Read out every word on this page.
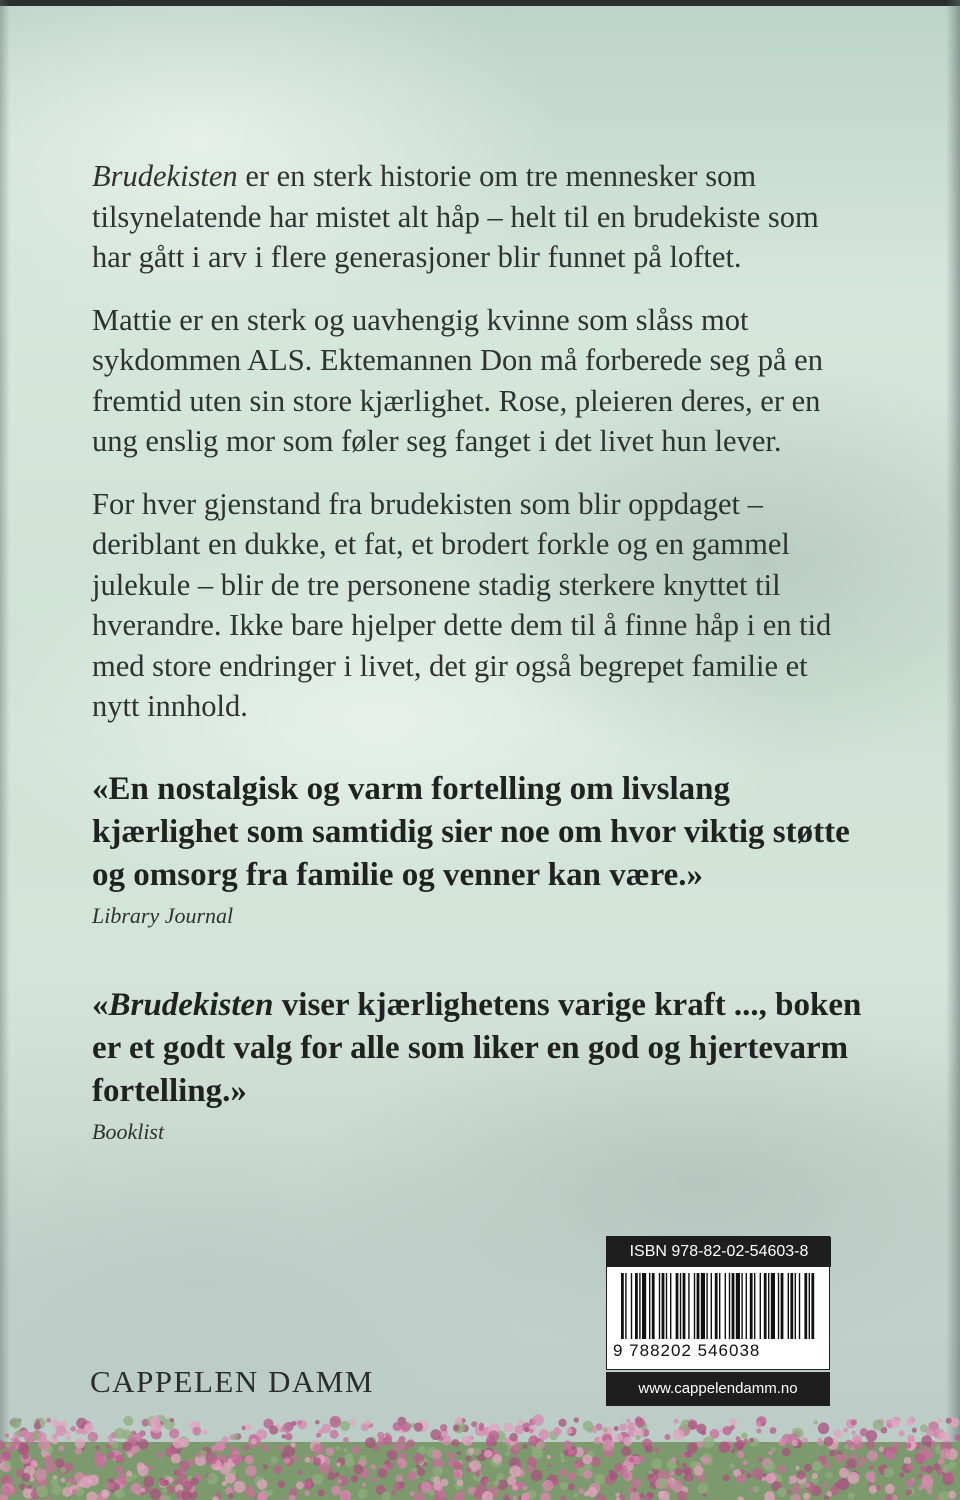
Brudekisten er en sterk historie om tre mennesker som tilsynelatende har mistet alt håp – helt til en brudekiste som har gått i arv i flere generasjoner blir funnet på loftet.

Mattie er en sterk og uavhengig kvinne som slåss mot sykdommen ALS. Ektemannen Don må forberede seg på en fremtid uten sin store kjærlighet. Rose, pleieren deres, er en ung enslig mor som føler seg fanget i det livet hun lever.

For hver gjenstand fra brudekisten som blir oppdaget – deriblant en dukke, et fat, et brodert forkle og en gammel julekule – blir de tre personene stadig sterkere knyttet til hverandre. Ikke bare hjelper dette dem til å finne håp i en tid med store endringer i livet, det gir også begrepet familie et nytt innhold.

«En nostalgisk og varm fortelling om livslang kjærlighet som samtidig sier noe om hvor viktig støtte og omsorg fra familie og venner kan være.»
Library Journal
«Brudekisten viser kjærlighetens varige kraft ..., boken er et godt valg for alle som liker en god og hjertevarm fortelling.»
Booklist
ISBN 978-82-02-54603-8
9 788202 546038
www.cappelendamm.no
CAPPELEN DAMM
